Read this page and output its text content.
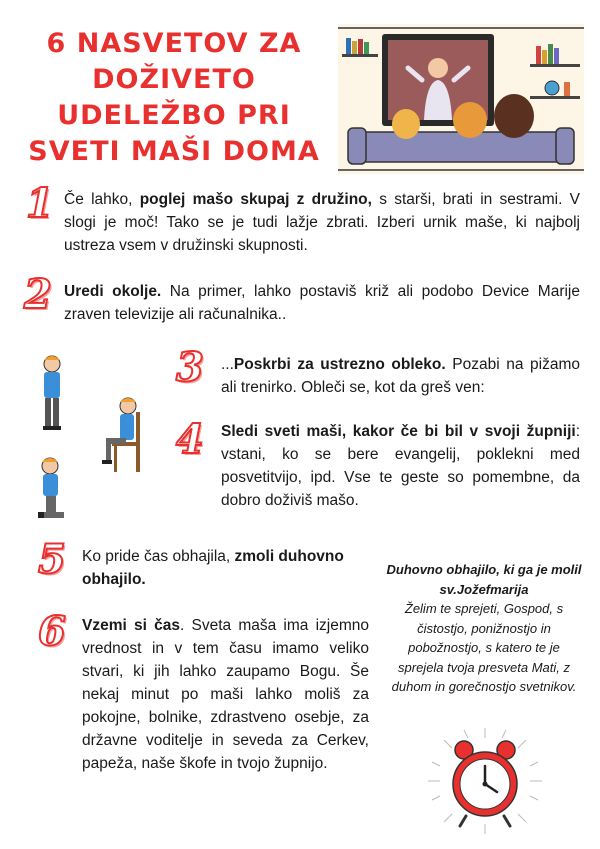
6 NASVETOV ZA
DOŽIVETO
UDELEŽBO PRI
SVETI MAŠI DOMA
1 Če lahko, poglej mašo skupaj z družino, s starši, brati in sestrami. V slogi je moč! Tako se je tudi lažje zbrati. Izberi urnik maše, ki najbolj ustreza vsem v družinski skupnosti.
2 Uredi okolje. Na primer, lahko postaviš križ ali podobo Device Marije zraven televizije ali računalnika..
3 ...Poskrbi za ustrezno obleko. Pozabi na pižamo ali trenirko. Obleči se, kot da greš ven:
4 Sledi sveti maši, kakor če bi bil v svoji župniji: vstani, ko se bere evangelij, poklekni med posvetitvijo, ipd. Vse te geste so pomembne, da dobro doživiš mašo.
5 Ko pride čas obhajila, zmoli duhovno obhajilo.
6 Vzemi si čas. Sveta maša ima izjemno vrednost in v tem času imamo veliko stvari, ki jih lahko zaupamo Bogu. Še nekaj minut po maši lahko moliš za pokojne, bolnike, zdrastveno osebje, za državne voditelje in seveda za Cerkev, papeža, naše škofe in tvojo župnijo.
Duhovno obhajilo, ki ga je molil sv.Jožefmarija
Želim te sprejeti, Gospod, s čistostjo, ponižnostjo in pobožnostjo, s katero te je sprejela tvoja presveta Mati, z duhom in gorečnostjo svetnikov.
